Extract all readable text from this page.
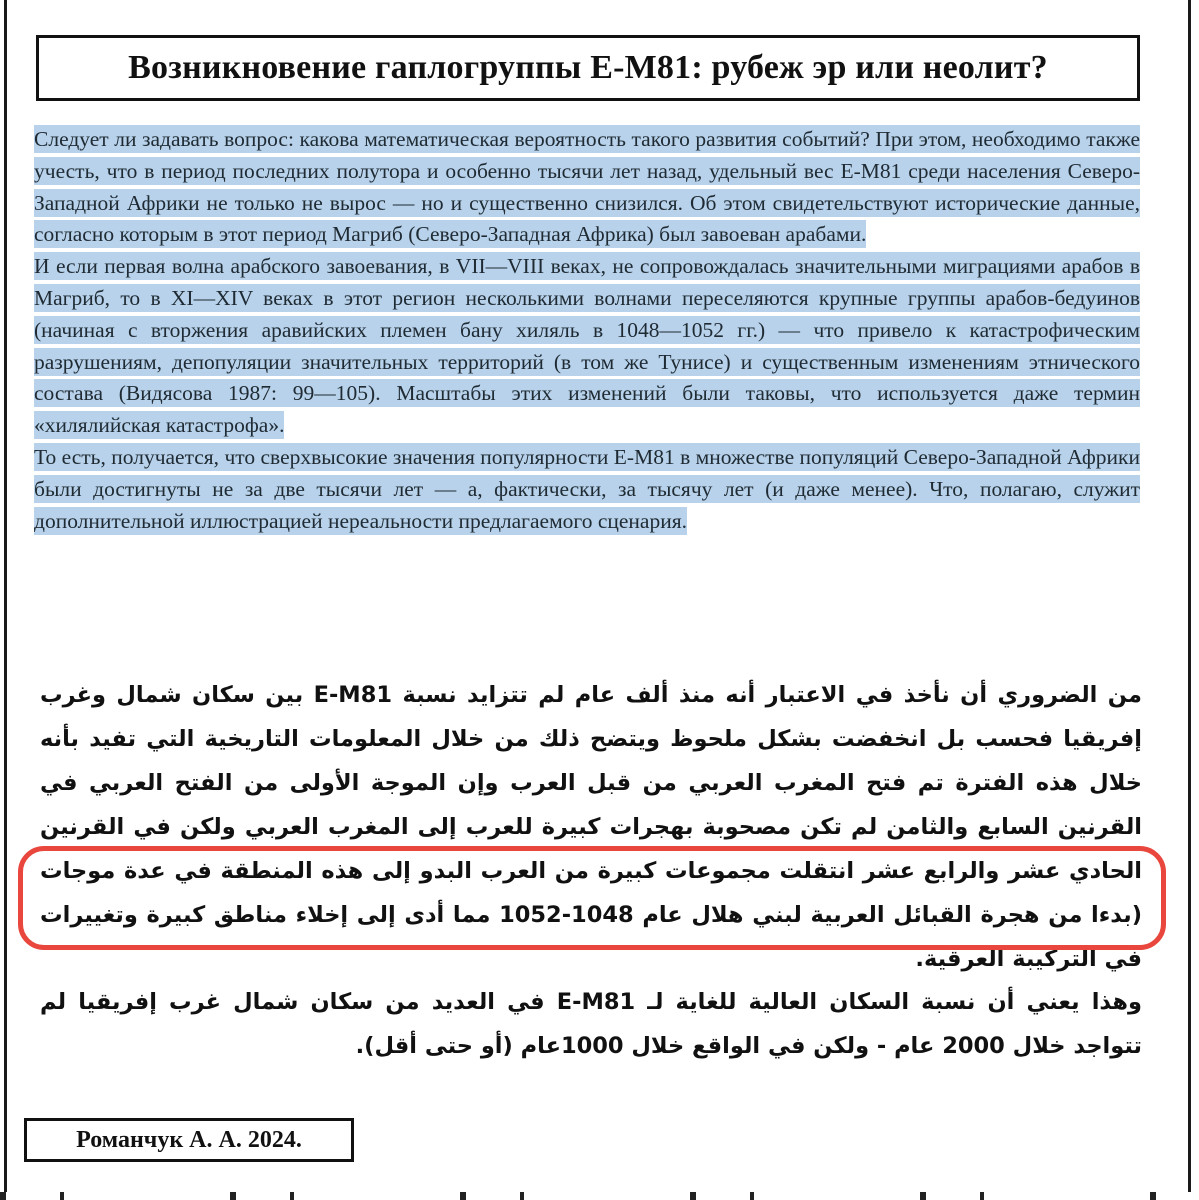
Возникновение гаплогруппы E-M81: рубеж эр или неолит?

Следует ли задавать вопрос: какова математическая вероятность такого развития событий? При этом, необходимо также учесть, что в период последних полутора и особенно тысячи лет назад, удельный вес E-M81 среди населения Северо-Западной Африки не только не вырос — но и существенно снизился. Об этом свидетельствуют исторические данные, согласно которым в этот период Магриб (Северо-Западная Африка) был завоеван арабами.

И если первая волна арабского завоевания, в VII—VIII веках, не сопровождалась значительными миграциями арабов в Магриб, то в XI—XIV веках в этот регион несколькими волнами переселяются крупные группы арабов-бедуинов (начиная с вторжения аравийских племен бану хиляль в 1048—1052 гг.) — что привело к катастрофическим разрушениям, депопуляции значительных территорий (в том же Тунисе) и существенным изменениям этнического состава (Видясова 1987: 99—105). Масштабы этих изменений были таковы, что используется даже термин «хилялийская катастрофа».

То есть, получается, что сверхвысокие значения популярности E-M81 в множестве популяций Северо-Западной Африки были достигнуты не за две тысячи лет — а, фактически, за тысячу лет (и даже менее). Что, полагаю, служит дополнительной иллюстрацией нереальности предлагаемого сценария.

من الضروري أن نأخذ في الاعتبار أنه منذ ألف عام لم تتزايد نسبة E-M81 بين سكان شمال وغرب إفريقيا فحسب بل انخفضت بشكل ملحوظ ويتضح ذلك من خلال المعلومات التاريخية التي تفيد بأنه خلال هذه الفترة تم فتح المغرب العربي من قبل العرب وإن الموجة الأولى من الفتح العربي في القرنين السابع والثامن لم تكن مصحوبة بهجرات كبيرة للعرب إلى المغرب العربي ولكن في القرنين الحادي عشر والرابع عشر انتقلت مجموعات كبيرة من العرب البدو إلى هذه المنطقة في عدة موجات (بدءا من هجرة القبائل العربية لبني هلال عام 1048-1052 مما أدى إلى إخلاء مناطق كبيرة وتغييرات في التركيبة العرقية.

وهذا يعني أن نسبة السكان العالية للغاية لـ E-M81 في العديد من سكان شمال غرب إفريقيا لم تتواجد خلال 2000 عام - ولكن في الواقع خلال 1000عام (أو حتى أقل).

Романчук А. А. 2024.
